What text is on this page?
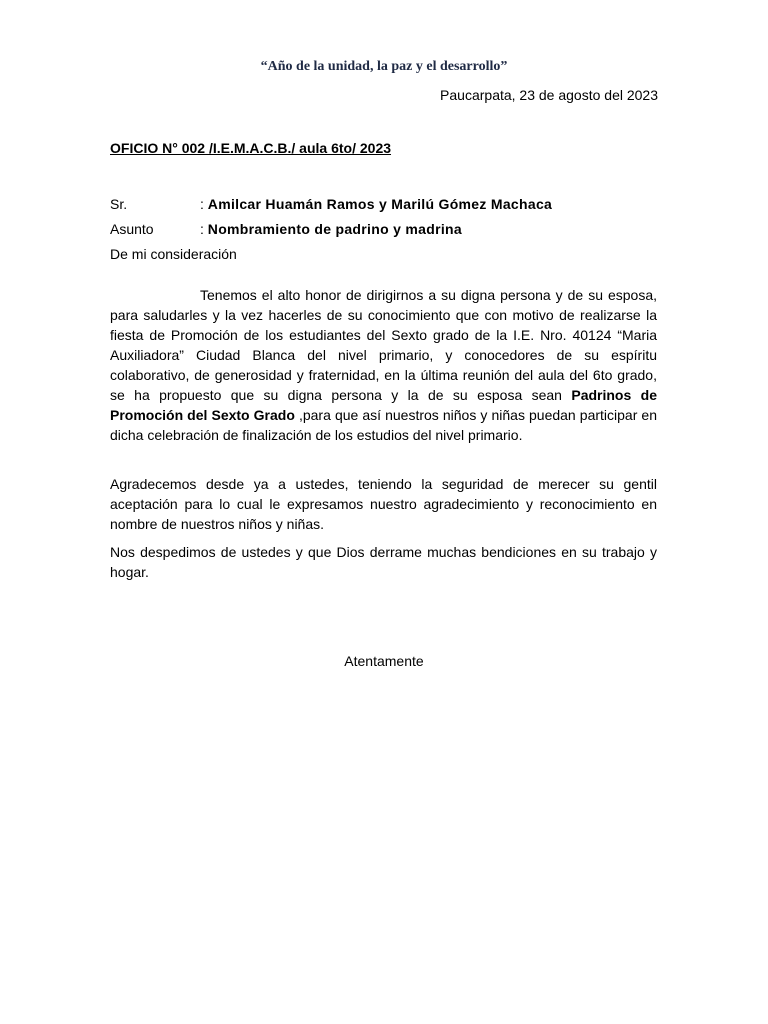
“Año de la unidad, la paz y el desarrollo”
Paucarpata, 23 de agosto del 2023
OFICIO N° 002 /I.E.M.A.C.B./ aula 6to/ 2023
Sr.	: Amilcar Huamán Ramos y Marilú Gómez Machaca
Asunto	: Nombramiento de padrino y madrina
De mi consideración

Tenemos el alto honor de dirigirnos a su digna persona y de su esposa, para saludarles y la vez hacerles de su conocimiento que con motivo de realizarse la fiesta de Promoción de los estudiantes del Sexto grado de la I.E. Nro. 40124 “Maria Auxiliadora” Ciudad Blanca del nivel primario, y conocedores de su espíritu colaborativo, de generosidad y fraternidad, en la última reunión del aula del 6to grado, se ha propuesto que su digna persona y la de su esposa sean Padrinos de Promoción del Sexto Grado ,para que así nuestros niños y niñas puedan participar en dicha celebración de finalización de los estudios del nivel primario.

Agradecemos desde ya a ustedes, teniendo la seguridad de merecer su gentil aceptación para lo cual le expresamos nuestro agradecimiento y reconocimiento en nombre de nuestros niños y niñas.

Nos despedimos de ustedes y que Dios derrame muchas bendiciones en su trabajo y hogar.

Atentamente
